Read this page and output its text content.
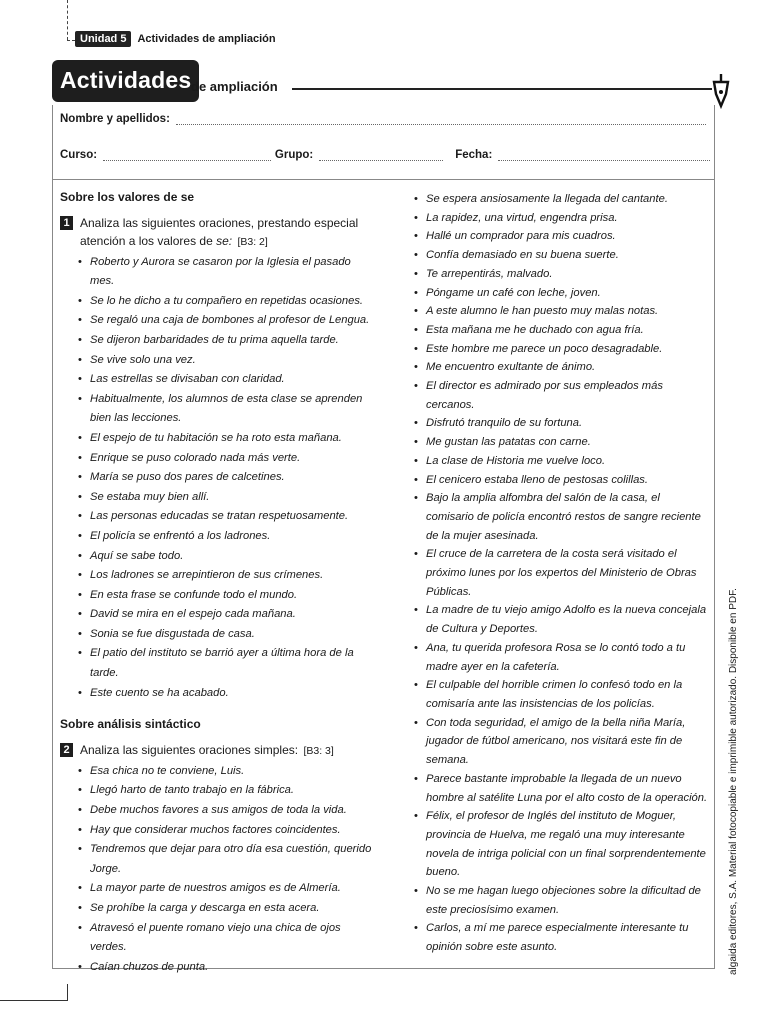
Unidad 5	Actividades de ampliación
Actividades de ampliación
Nombre y apellidos:
Curso:	Grupo:	Fecha:
Sobre los valores de se
1 Analiza las siguientes oraciones, prestando especial atención a los valores de se: [B3: 2]
• Roberto y Aurora se casaron por la Iglesia el pasado mes.
• Se lo he dicho a tu compañero en repetidas ocasiones.
• Se regaló una caja de bombones al profesor de Lengua.
• Se dijeron barbaridades de tu prima aquella tarde.
• Se vive solo una vez.
• Las estrellas se divisaban con claridad.
• Habitualmente, los alumnos de esta clase se aprenden bien las lecciones.
• El espejo de tu habitación se ha roto esta mañana.
• Enrique se puso colorado nada más verte.
• María se puso dos pares de calcetines.
• Se estaba muy bien allí.
• Las personas educadas se tratan respetuosamente.
• El policía se enfrentó a los ladrones.
• Aquí se sabe todo.
• Los ladrones se arrepintieron de sus crímenes.
• En esta frase se confunde todo el mundo.
• David se mira en el espejo cada mañana.
• Sonia se fue disgustada de casa.
• El patio del instituto se barrió ayer a última hora de la tarde.
• Este cuento se ha acabado.
Sobre análisis sintáctico
2 Analiza las siguientes oraciones simples: [B3: 3]
• Esa chica no te conviene, Luis.
• Llegó harto de tanto trabajo en la fábrica.
• Debe muchos favores a sus amigos de toda la vida.
• Hay que considerar muchos factores coincidentes.
• Tendremos que dejar para otro día esa cuestión, querido Jorge.
• La mayor parte de nuestros amigos es de Almería.
• Se prohíbe la carga y descarga en esta acera.
• Atravesó el puente romano viejo una chica de ojos verdes.
• Caían chuzos de punta.
• Se espera ansiosamente la llegada del cantante.
• La rapidez, una virtud, engendra prisa.
• Hallé un comprador para mis cuadros.
• Confía demasiado en su buena suerte.
• Te arrepentirás, malvado.
• Póngame un café con leche, joven.
• A este alumno le han puesto muy malas notas.
• Esta mañana me he duchado con agua fría.
• Este hombre me parece un poco desagradable.
• Me encuentro exultante de ánimo.
• El director es admirado por sus empleados más cercanos.
• Disfrutó tranquilo de su fortuna.
• Me gustan las patatas con carne.
• La clase de Historia me vuelve loco.
• El cenicero estaba lleno de pestosas colillas.
• Bajo la amplia alfombra del salón de la casa, el comisario de policía encontró restos de sangre reciente de la mujer asesinada.
• El cruce de la carretera de la costa será visitado el próximo lunes por los expertos del Ministerio de Obras Públicas.
• La madre de tu viejo amigo Adolfo es la nueva concejala de Cultura y Deportes.
• Ana, tu querida profesora Rosa se lo contó todo a tu madre ayer en la cafetería.
• El culpable del horrible crimen lo confesó todo en la comisaría ante las insistencias de los policías.
• Con toda seguridad, el amigo de la bella niña María, jugador de fútbol americano, nos visitará este fin de semana.
• Parece bastante improbable la llegada de un nuevo hombre al satélite Luna por el alto costo de la operación.
• Félix, el profesor de Inglés del instituto de Moguer, provincia de Huelva, me regaló una muy interesante novela de intriga policial con un final sorprendentemente bueno.
• No se me hagan luego objeciones sobre la dificultad de este preciosísimo examen.
• Carlos, a mí me parece especialmente interesante tu opinión sobre este asunto.	algaida editores, S.A. Material fotocopiable e imprimible autorizado. Disponible en PDF.
